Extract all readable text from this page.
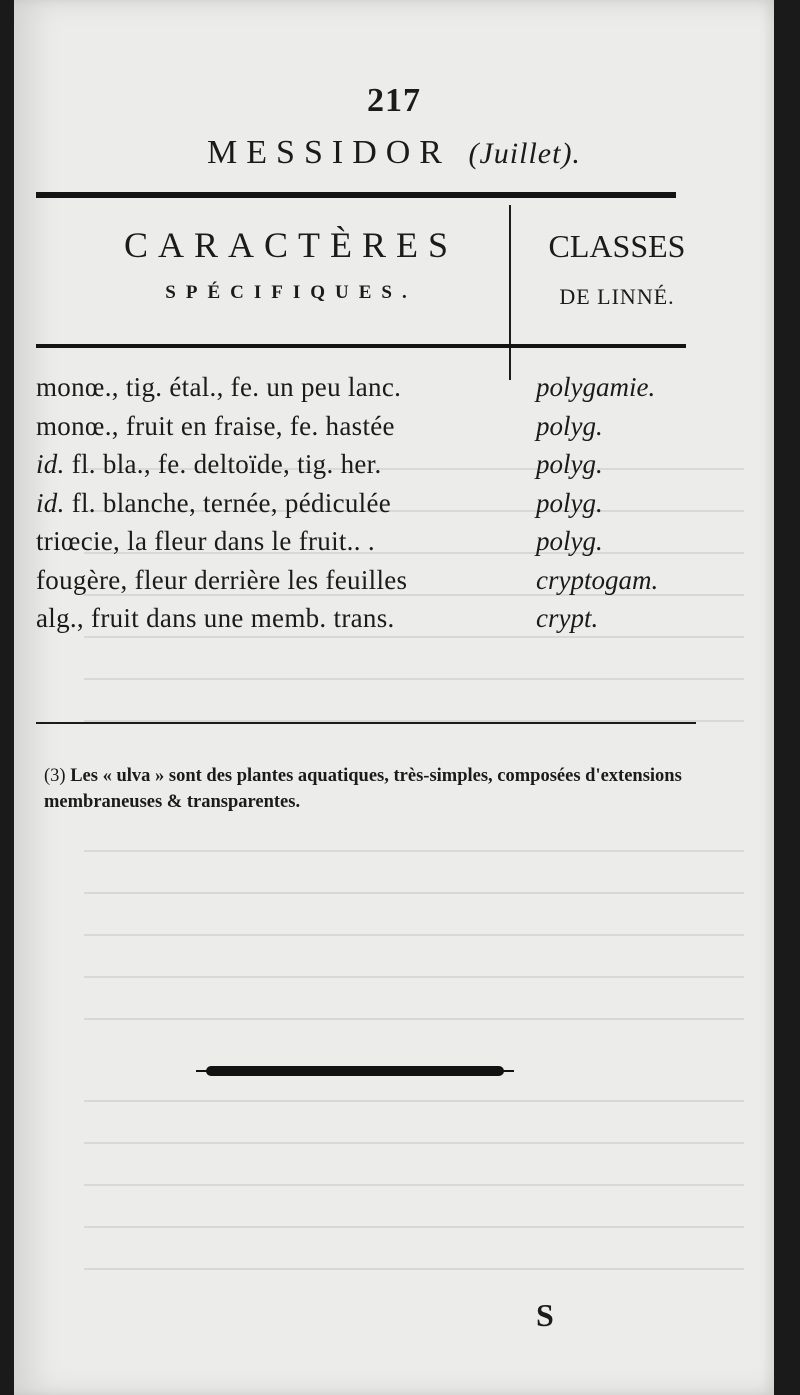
217
MESSIDOR (Juillet).
CARACTÈRES
SPÉCIFIQUES.
CLASSES
DE LINNÉ.
monœ., tig. étal., fe. un peu lanc.	polygamie.
monœ., fruit en fraise, fe. hastée	polyg.
id. fl. bla., fe. deltoïde, tig. her.	polyg.
id. fl. blanche, ternée, pédiculée	polyg.
triœcie, la fleur dans le fruit.. .	polyg.
fougère, fleur derrière les feuilles	cryptogam.
alg., fruit dans une memb. trans.	crypt.
(3) Les « ulva » sont des plantes aquatiques, très-simples, composées d'extensions membraneuses & transparentes.
S
